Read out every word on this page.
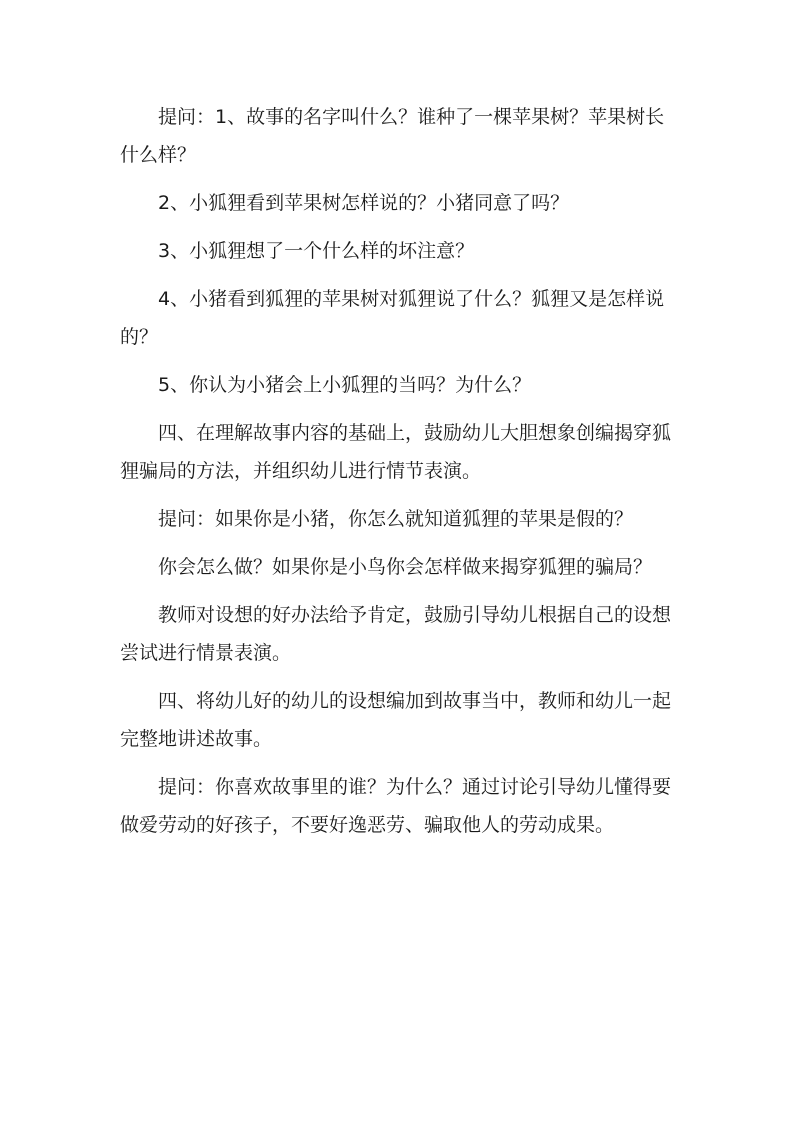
提问：1、故事的名字叫什么？谁种了一棵苹果树？苹果树长什么样？

2、小狐狸看到苹果树怎样说的？小猪同意了吗？

3、小狐狸想了一个什么样的坏注意？

4、小猪看到狐狸的苹果树对狐狸说了什么？狐狸又是怎样说的？

5、你认为小猪会上小狐狸的当吗？为什么？

四、在理解故事内容的基础上，鼓励幼儿大胆想象创编揭穿狐狸骗局的方法，并组织幼儿进行情节表演。

提问：如果你是小猪，你怎么就知道狐狸的苹果是假的？

你会怎么做？如果你是小鸟你会怎样做来揭穿狐狸的骗局？

教师对设想的好办法给予肯定，鼓励引导幼儿根据自己的设想尝试进行情景表演。

四、将幼儿好的幼儿的设想编加到故事当中，教师和幼儿一起完整地讲述故事。

提问：你喜欢故事里的谁？为什么？通过讨论引导幼儿懂得要做爱劳动的好孩子，不要好逸恶劳、骗取他人的劳动成果。
